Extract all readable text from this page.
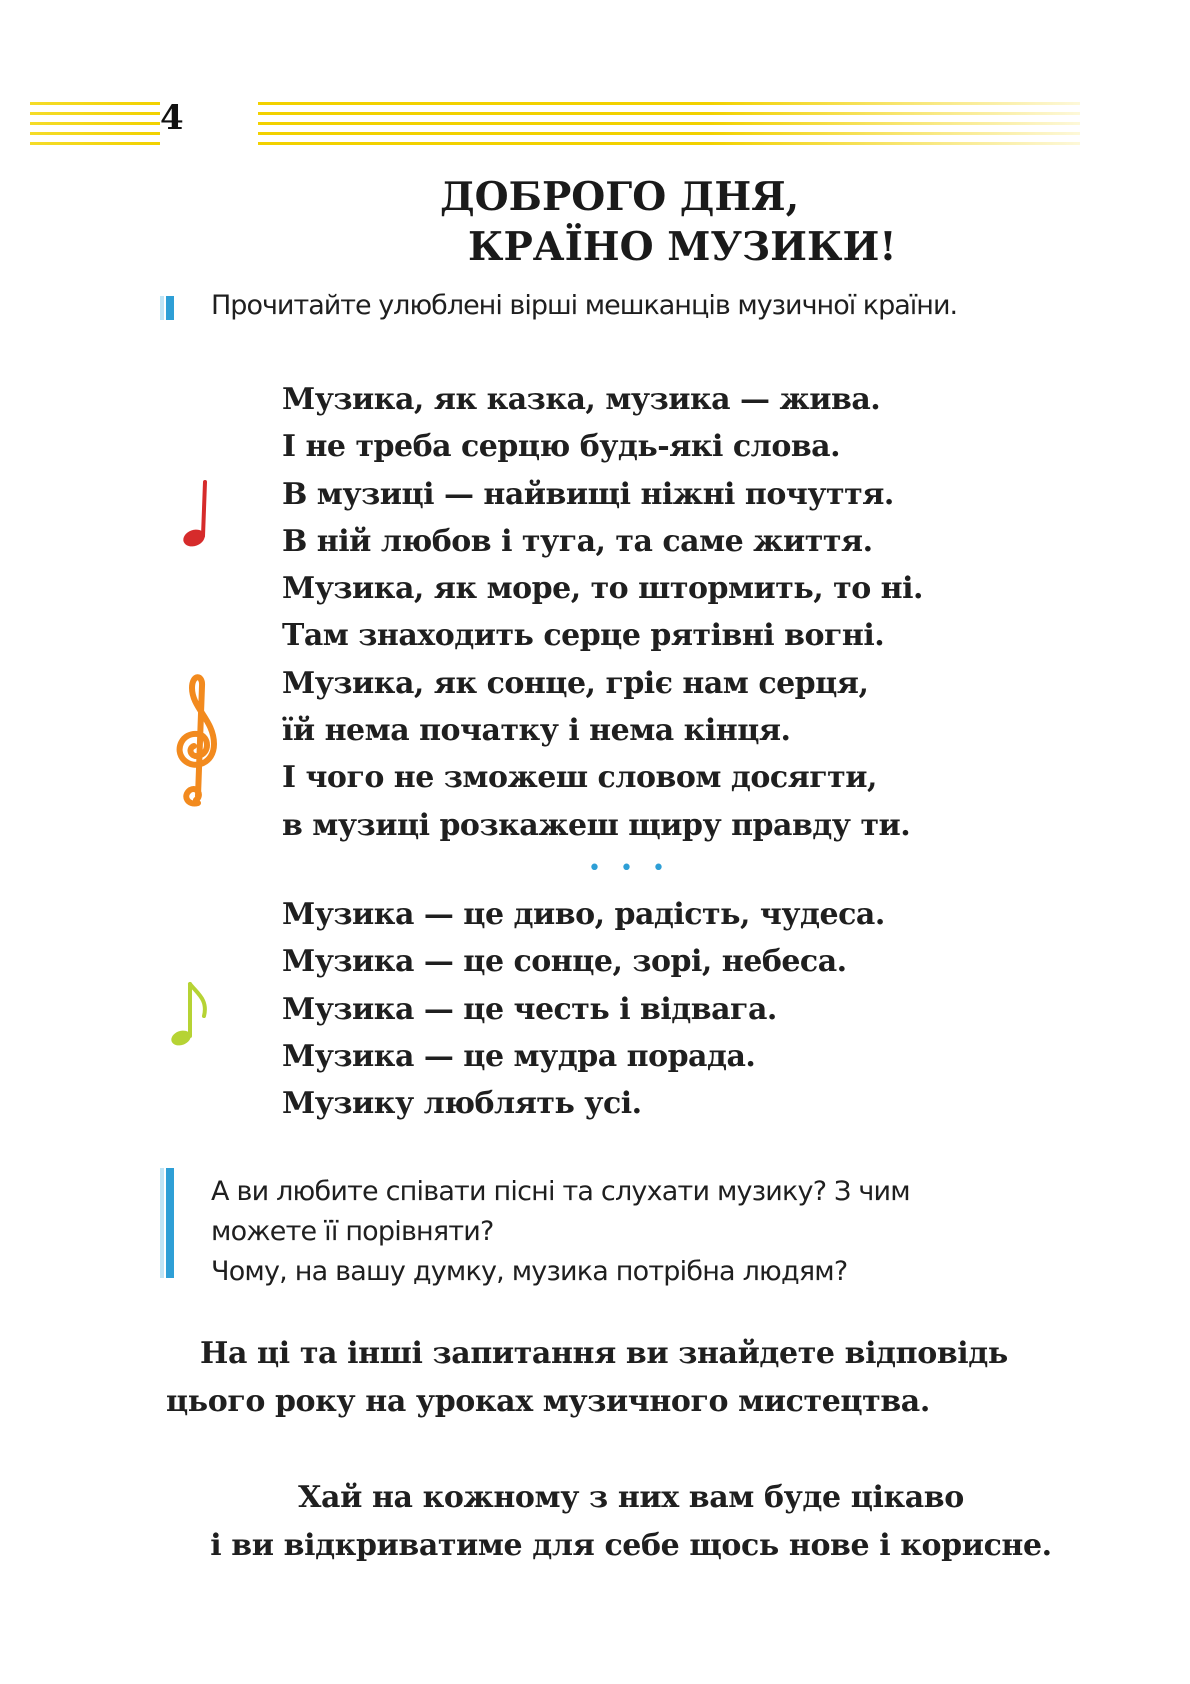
4
ДОБРОГО ДНЯ,
КРАЇНО МУЗИКИ!
Прочитайте улюблені вірші мешканців музичної країни.
Музика, як казка, музика — жива.
І не треба серцю будь-які слова.
В музиці — найвищі ніжні почуття.
В ній любов і туга, та саме життя.
Музика, як море, то штормить, то ні.
Там знаходить серце рятівні вогні.
Музика, як сонце, гріє нам серця,
їй нема початку і нема кінця.
І чого не зможеш словом досягти,
в музиці розкажеш щиру правду ти.
• • •
Музика — це диво, радість, чудеса.
Музика — це сонце, зорі, небеса.
Музика — це честь і відвага.
Музика — це мудра порада.
Музику люблять усі.
А ви любите співати пісні та слухати музику? З чим
можете її порівняти?
Чому, на вашу думку, музика потрібна людям?
На ці та інші запитання ви знайдете відповідь
цього року на уроках музичного мистецтва.
Хай на кожному з них вам буде цікаво
і ви відкриватиме для себе щось нове і корисне.
